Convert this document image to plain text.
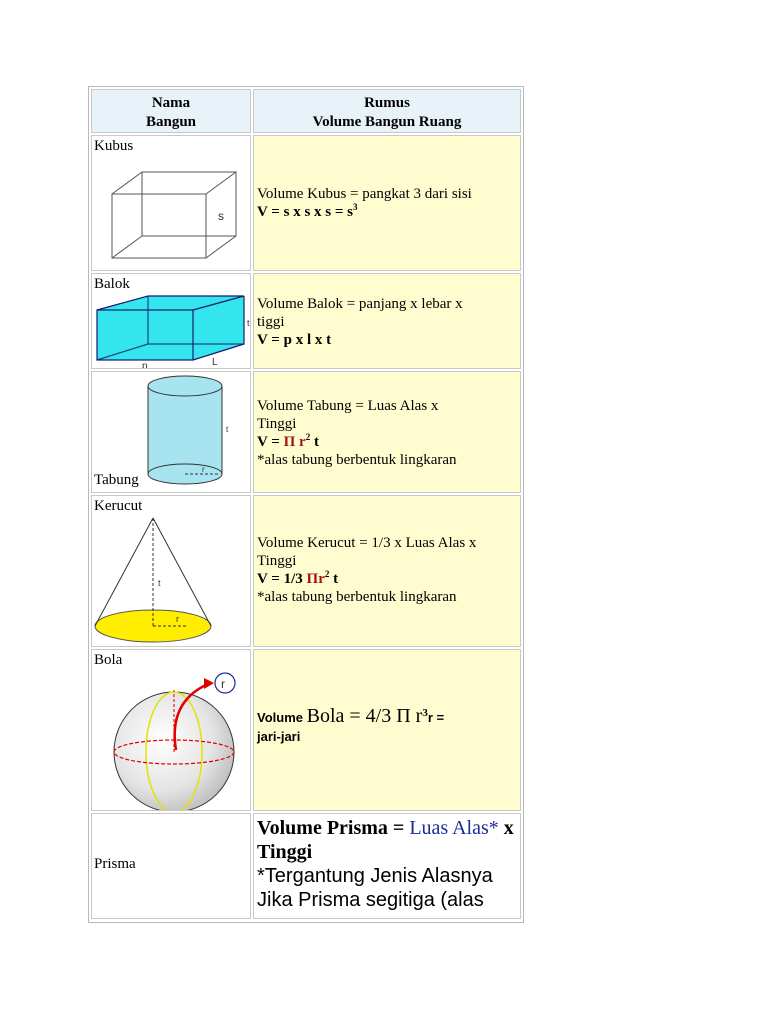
Nama
Bangun
Rumus
Volume Bangun Ruang
Kubus
s
Volume Kubus = pangkat 3 dari sisi
V = s x s x $s = s^3$
Balok
t
p	L
Volume Balok = panjang x lebar x
tiggi
V = p x l x t
t
r
Tabung
Volume Tabung = Luas Alas x
Tinggi
V = Π $r^2$ t
*alas tabung berbentuk lingkaran
Kerucut
t
r
Volume Kerucut = 1/3 x Luas Alas x
Tinggi
V = 1/3 $\Pi r^2$ t
*alas tabung berbentuk lingkaran
Bola
r
Volume Bola = 4/3 Π $r^3r$ =
jari-jari
Prisma
Volume Prisma = Luas Alas* x Tinggi
*Tergantung Jenis Alasnya
Jika Prisma segitiga (alas
